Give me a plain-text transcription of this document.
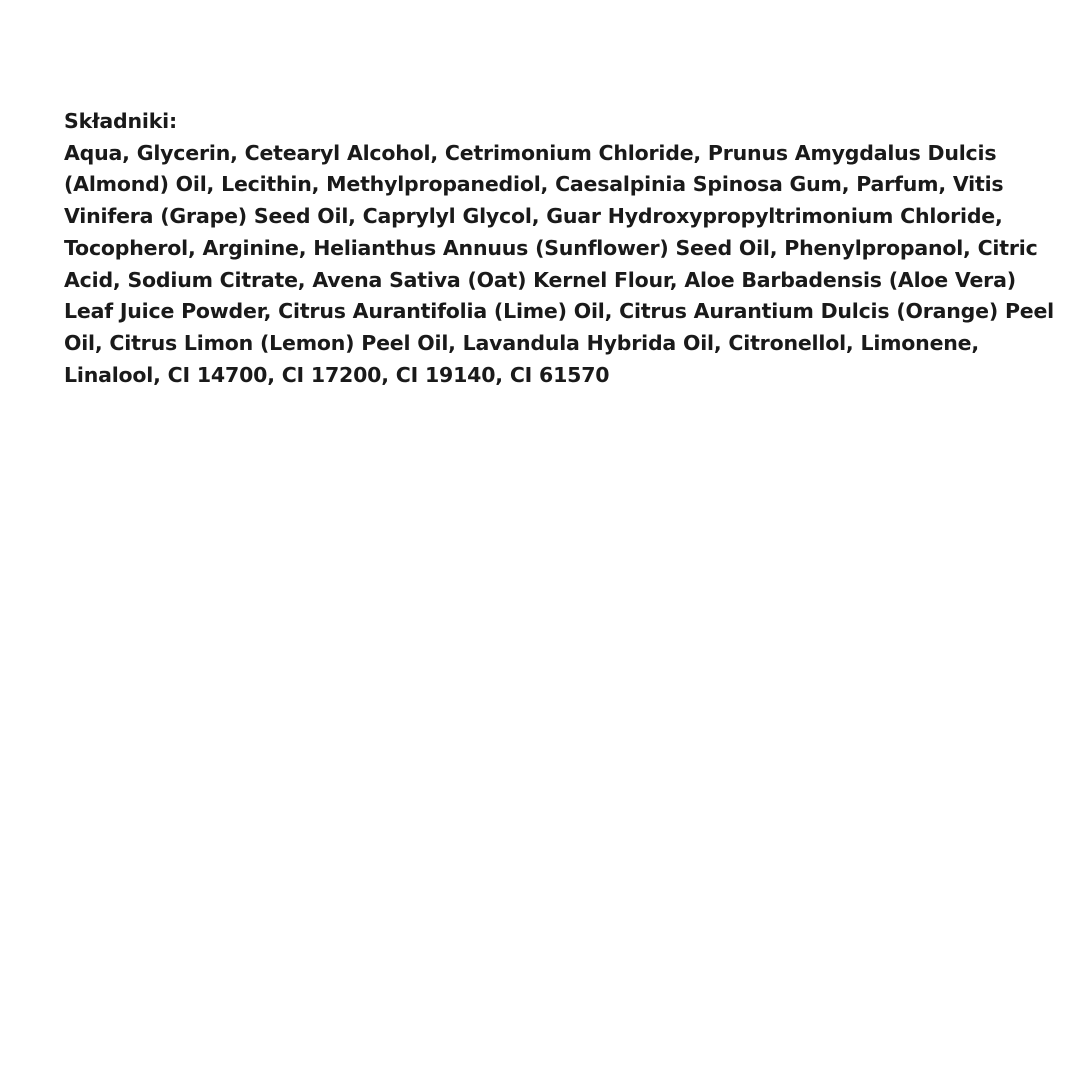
Składniki:

Aqua, Glycerin, Cetearyl Alcohol, Cetrimonium Chloride, Prunus Amygdalus Dulcis (Almond) Oil, Lecithin, Methylpropanediol, Caesalpinia Spinosa Gum, Parfum, Vitis Vinifera (Grape) Seed Oil, Caprylyl Glycol, Guar Hydroxypropyltrimonium Chloride, Tocopherol, Arginine, Helianthus Annuus (Sunflower) Seed Oil, Phenylpropanol, Citric Acid, Sodium Citrate, Avena Sativa (Oat) Kernel Flour, Aloe Barbadensis (Aloe Vera) Leaf Juice Powder, Citrus Aurantifolia (Lime) Oil, Citrus Aurantium Dulcis (Orange) Peel Oil, Citrus Limon (Lemon) Peel Oil, Lavandula Hybrida Oil, Citronellol, Limonene, Linalool, CI 14700, CI 17200, CI 19140, CI 61570
